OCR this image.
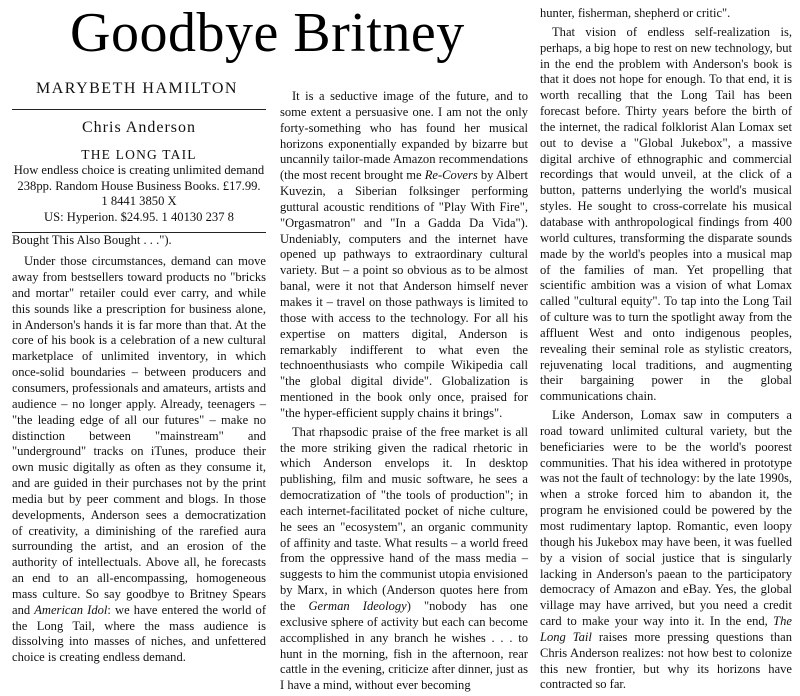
Goodbye Britney
MARYBETH HAMILTON
Chris Anderson
THE LONG TAIL
How endless choice is creating unlimited demand
238pp. Random House Business Books. £17.99.
1 8441 3850 X
US: Hyperion. $24.95. 1 40130 237 8

Bought This Also Bought . . .").

Under those circumstances, demand can move away from bestsellers toward products no "bricks and mortar" retailer could ever carry, and while this sounds like a prescription for business alone, in Anderson's hands it is far more than that. At the core of his book is a celebration of a new cultural marketplace of unlimited inventory, in which once-solid boundaries – between producers and consumers, professionals and amateurs, artists and audience – no longer apply. Already, teenagers – "the leading edge of all our futures" – make no distinction between "mainstream" and "underground" tracks on iTunes, produce their own music digitally as often as they consume it, and are guided in their purchases not by the print media but by peer comment and blogs. In those developments, Anderson sees a democratization of creativity, a diminishing of the rarefied aura surrounding the artist, and an erosion of the authority of intellectuals. Above all, he forecasts an end to an all-encompassing, homogeneous mass culture. So say goodbye to Britney Spears and American Idol: we have entered the world of the Long Tail, where the mass audience is dissolving into masses of niches, and unfettered choice is creating endless demand.

It is a seductive image of the future, and to some extent a persuasive one. I am not the only forty-something who has found her musical horizons exponentially expanded by bizarre but uncannily tailor-made Amazon recommendations (the most recent brought me Re-Covers by Albert Kuvezin, a Siberian folksinger performing guttural acoustic renditions of "Play With Fire", "Orgasmatron" and "In a Gadda Da Vida"). Undeniably, computers and the internet have opened up pathways to extraordinary cultural variety. But – a point so obvious as to be almost banal, were it not that Anderson himself never makes it – travel on those pathways is limited to those with access to the technology. For all his expertise on matters digital, Anderson is remarkably indifferent to what even the technoenthusiasts who compile Wikipedia call "the global digital divide". Globalization is mentioned in the book only once, praised for "the hyper-efficient supply chains it brings".

That rhapsodic praise of the free market is all the more striking given the radical rhetoric in which Anderson envelops it. In desktop publishing, film and music software, he sees a democratization of "the tools of production"; in each internet-facilitated pocket of niche culture, he sees an "ecosystem", an organic community of affinity and taste. What results – a world freed from the oppressive hand of the mass media – suggests to him the communist utopia envisioned by Marx, in which (Anderson quotes here from the German Ideology) "nobody has one exclusive sphere of activity but each can become accomplished in any branch he wishes . . . to hunt in the morning, fish in the afternoon, rear cattle in the evening, criticize after dinner, just as I have a mind, without ever becoming

hunter, fisherman, shepherd or critic".

That vision of endless self-realization is, perhaps, a big hope to rest on new technology, but in the end the problem with Anderson's book is that it does not hope for enough. To that end, it is worth recalling that the Long Tail has been forecast before. Thirty years before the birth of the internet, the radical folklorist Alan Lomax set out to devise a "Global Jukebox", a massive digital archive of ethnographic and commercial recordings that would unveil, at the click of a button, patterns underlying the world's musical styles. He sought to cross-correlate his musical database with anthropological findings from 400 world cultures, transforming the disparate sounds made by the world's peoples into a musical map of the families of man. Yet propelling that scientific ambition was a vision of what Lomax called "cultural equity". To tap into the Long Tail of culture was to turn the spotlight away from the affluent West and onto indigenous peoples, revealing their seminal role as stylistic creators, rejuvenating local traditions, and augmenting their bargaining power in the global communications chain.

Like Anderson, Lomax saw in computers a road toward unlimited cultural variety, but the beneficiaries were to be the world's poorest communities. That his idea withered in prototype was not the fault of technology: by the late 1990s, when a stroke forced him to abandon it, the program he envisioned could be powered by the most rudimentary laptop. Romantic, even loopy though his Jukebox may have been, it was fuelled by a vision of social justice that is singularly lacking in Anderson's paean to the participatory democracy of Amazon and eBay. Yes, the global village may have arrived, but you need a credit card to make your way into it. In the end, The Long Tail raises more pressing questions than Chris Anderson realizes: not how best to colonize this new frontier, but why its horizons have contracted so far.
